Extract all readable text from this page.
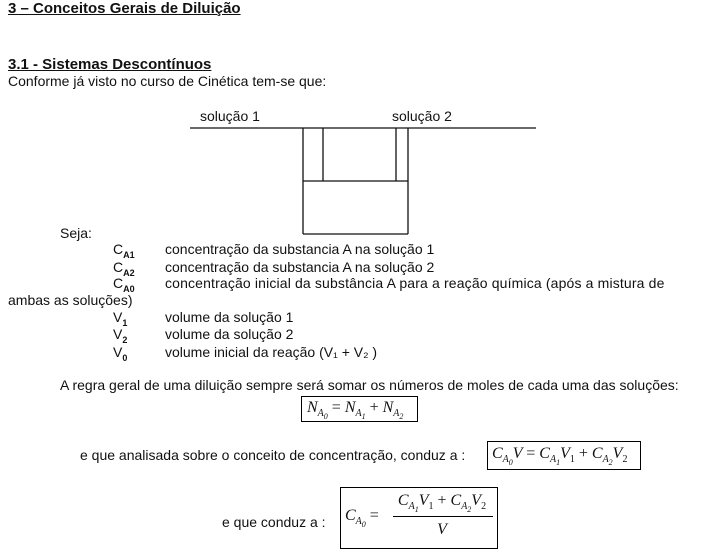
3 – Conceitos Gerais de Diluição
3.1 - Sistemas Descontínuos
Conforme já visto no curso de Cinética tem-se que:
solução 1	solução 2
Seja:
$C_{A1}$ concentração da substancia A na solução 1
$C_{A2}$ concentração da substancia A na solução 2
$C_{A0}$ concentração inicial da substância A para a reação química (após a mistura de
ambas as soluções)
$V_1$	volume da solução 1
$V_2$	volume da solução 2
$V_0$	volume inicial da reação (V₁ + V₂ )
A regra geral de uma diluição sempre será somar os números de moles de cada uma das soluções:
$N_{A_0} = N_{A_1} + N_{A_2}$
e que analisada sobre o conceito de concentração, conduz a : $C_{A_0}V = C_{A_1}V_1 + C_{A_2}V_2$
e que conduz a : $C_{A_0}$ =
$C_{A_1}V_1 + C_{A_2}V_2$
V
